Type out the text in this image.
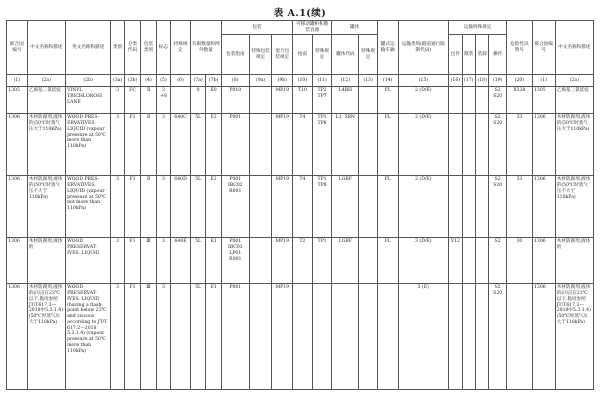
表 A.1(续)
联合国编号	中文名称和描述	英文名称和描述	类别	分类代码	包装类别	标志	特殊规定	有限数量和例外数量		包装			可移动罐柜和散装容器		罐体		罐式运输车辆	运输类别(隧道通行限制代码)	运输特殊规定				危险性识别号	联合国编号	中文名称和描述
										包装指南	特殊包装规定	混合包装规定	指南	特殊规定	罐体代码	特殊规定			包件	散装	装卸	操作			
(1)	(2a)	(2b)	(3a)	(3b)	(4)	(5)	(6)	(7a)	(7b)	(8)	(9a)	(9b)	(10)	(11)	(12)	(13)	(14)	(15)	(16)	(17)	(18)	(19)	(20)	(1)	(2a)
1305	乙烯基三氯硅烷	VINYL TRICHLOROSI LANE	3	FC	Ⅱ	3 +8		0	E0	P010		MP19	T10	TP2 TP7	L4BH		FL	2 (D/E)				S2 S20	X338	1305	乙烯基三氯硅烷
1306	木材防腐剂,液体的(50℃时蒸气压大于110kPa)	WOOD PRES-ERVATIVES, LIQUID (vapour pressure at 50℃ more than 110kPa)	3	F1	Ⅱ	3	640C	5L	E2	P001		MP19	T4	TP1 TP8	L1. 5BN		FL	2 (D/E)				S2 S20	33	1306	木材防腐剂,液体的(50℃时蒸气压大于110kPa)
1306	木材防腐剂,液体的(50℃时蒸气压不大于110kPa)	WOOD PRES-ERVATIVES, LIQUID (vapour pressure at 50℃ not more than 110kPa)	3	F1	Ⅱ	3	640D	5L	E2	P001 IBC02 R001		MP19	T4	TP1 TP8	LGBF		FL	2 (D/E)				S2 S20	33	1306	木材防腐剂,液体的(50℃时蒸气压不大于110kPa)
1306	木材防腐剂,液体的	WOOD PRESERVAT-IVES, LIQUID	3	F1	Ⅲ	3	640E	5L	E1	P001 IBC03 LP01 R001		MP19	T2	TP1	LGBF		FL	3 (D/E)	V12			S2	30	1306	木材防腐剂,液体的
1306	木材防腐剂,液体的(闪点在23℃以下,黏度参照JT/T617.2—2018中5.3.1.4)(50℃时蒸气压大于110kPa)	WOOD PRESERVAT-IVES, LIQUID (having a flash-point below 23℃ and viscous according to JT/T 617.2—2018 5.3.1.4) (vapour pressure at 50℃ more than 110kPa)	3	F1	Ⅲ	3		5L	E1	P001		MP19						3 (E)				S2 S20		1306	木材防腐剂,液体的(闪点在23℃以下,黏度参照JT/T617.2—2018中5.3.1.4)(50℃时蒸气压大于110kPa)
